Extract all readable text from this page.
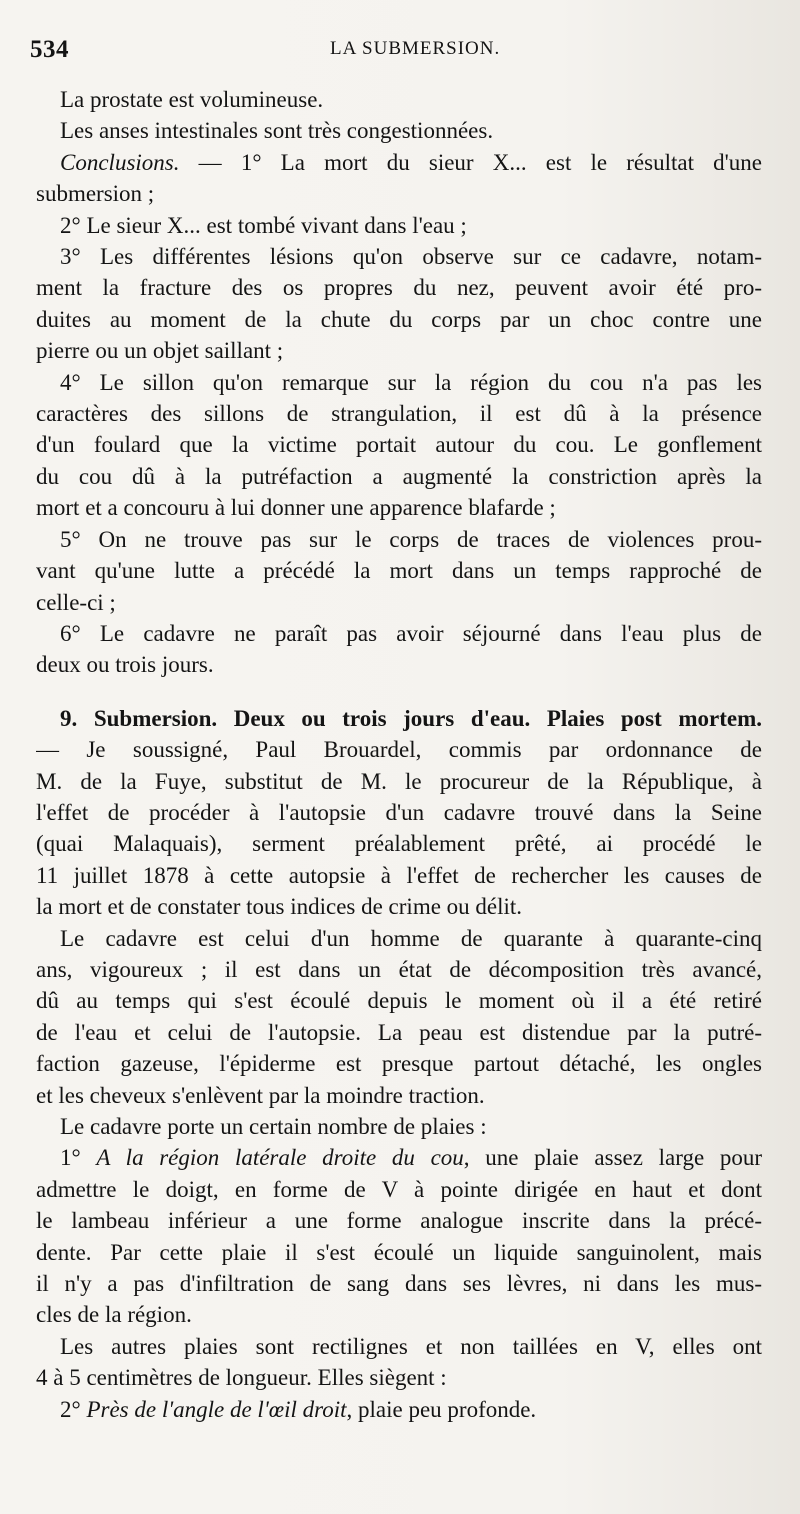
534	LA SUBMERSION.
La prostate est volumineuse.
Les anses intestinales sont très congestionnées.
Conclusions. — 1° La mort du sieur X... est le résultat d'une
submersion ;
2° Le sieur X... est tombé vivant dans l'eau ;
3° Les différentes lésions qu'on observe sur ce cadavre, notam-
ment la fracture des os propres du nez, peuvent avoir été pro-
duites au moment de la chute du corps par un choc contre une
pierre ou un objet saillant ;
4° Le sillon qu'on remarque sur la région du cou n'a pas les
caractères des sillons de strangulation, il est dû à la présence
d'un foulard que la victime portait autour du cou. Le gonflement
du cou dû à la putréfaction a augmenté la constriction après la
mort et a concouru à lui donner une apparence blafarde ;
5° On ne trouve pas sur le corps de traces de violences prou-
vant qu'une lutte a précédé la mort dans un temps rapproché de
celle-ci ;
6° Le cadavre ne paraît pas avoir séjourné dans l'eau plus de
deux ou trois jours.
9. Submersion. Deux ou trois jours d'eau. Plaies post mortem.
— Je soussigné, Paul Brouardel, commis par ordonnance de
M. de la Fuye, substitut de M. le procureur de la République, à
l'effet de procéder à l'autopsie d'un cadavre trouvé dans la Seine
(quai Malaquais), serment préalablement prêté, ai procédé le
11 juillet 1878 à cette autopsie à l'effet de rechercher les causes de
la mort et de constater tous indices de crime ou délit.
Le cadavre est celui d'un homme de quarante à quarante-cinq
ans, vigoureux ; il est dans un état de décomposition très avancé,
dû au temps qui s'est écoulé depuis le moment où il a été retiré
de l'eau et celui de l'autopsie. La peau est distendue par la putré-
faction gazeuse, l'épiderme est presque partout détaché, les ongles
et les cheveux s'enlèvent par la moindre traction.
Le cadavre porte un certain nombre de plaies :
1° A la région latérale droite du cou, une plaie assez large pour
admettre le doigt, en forme de V à pointe dirigée en haut et dont
le lambeau inférieur a une forme analogue inscrite dans la précé-
dente. Par cette plaie il s'est écoulé un liquide sanguinolent, mais
il n'y a pas d'infiltration de sang dans ses lèvres, ni dans les mus-
cles de la région.
Les autres plaies sont rectilignes et non taillées en V, elles ont
4 à 5 centimètres de longueur. Elles siègent :
2° Près de l'angle de l'œil droit, plaie peu profonde.
